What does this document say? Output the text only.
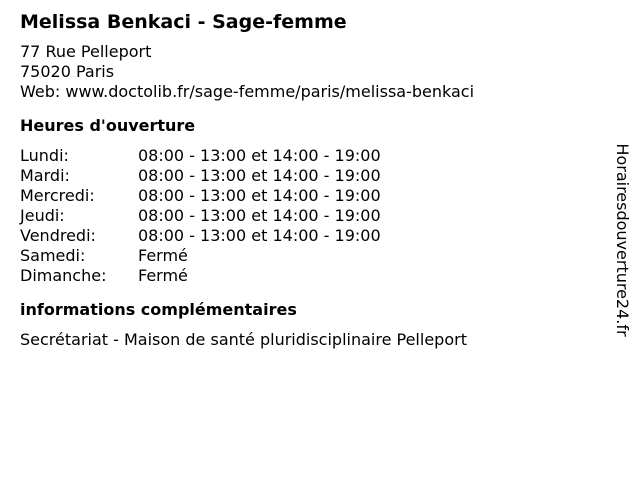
Melissa Benkaci - Sage-femme
77 Rue Pelleport
75020 Paris
Web: www.doctolib.fr/sage-femme/paris/melissa-benkaci
Heures d'ouverture
Lundi:	08:00 - 13:00 et 14:00 - 19:00
Mardi:	08:00 - 13:00 et 14:00 - 19:00
Mercredi:	08:00 - 13:00 et 14:00 - 19:00
Jeudi:	08:00 - 13:00 et 14:00 - 19:00
Vendredi:	08:00 - 13:00 et 14:00 - 19:00
Samedi:	Fermé
Dimanche:	Fermé
informations complémentaires
Secrétariat - Maison de santé pluridisciplinaire Pelleport
Horairesdouverture24.fr
